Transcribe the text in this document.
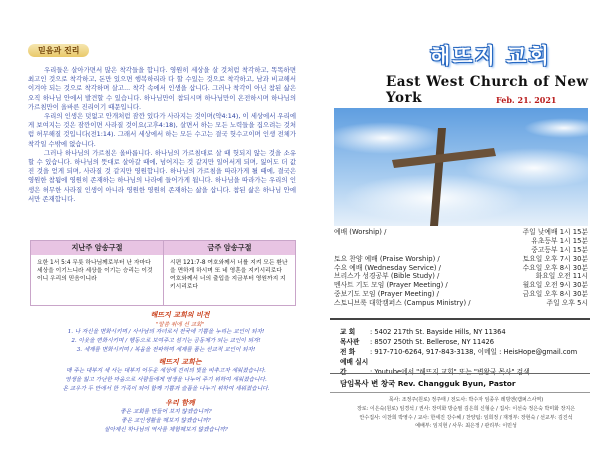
믿음과 진리

우리들은 살아가면서 많은 착각들을 합니다. 영원히 세상을 살 것처럼 착각하고, 똑똑하면 최고인 것으로 착각하고, 돈만 있으면 행복하리라 다 할 수있는 것으로 착각하고, 남과 비교해서 이겨야 되는 것으로 착각하며 살고... 착각 속에서 인생을 삽니다. 그러나 착각이 아닌 참된 삶은 오직 하나님 안에서 발견할 수 있습니다. 하나님만이 참되시며 하나님만이 온전하시며 하나님의 가르침만이 올바른 진리이기 때문입니다.

우리의 인생은 덧없고 안개처럼 잠깐 있다가 사라지는 것이며(약4:14), 이 세상에서 우리에게 보여지는 것은 잠깐이면 사라질 것이요(고후4:18), 살면서 하는 모든 노력들을 집으려는 것처럼 허무해질 것입니다(전1:14). 그래서 세상에서 하는 모든 수고는 결국 헛수고이며 인생 전체가 착각일 수밖에 없습니다.

그러나 하나님의 가르침은 올바릅니다. 하나님의 가르침대로 살 때 헛되지 않는 것을 소유할 수 있습니다. 하나님의 뜻대로 살아갈 때에, 넘어지는 것 같지만 일어서게 되며, 잃어도 더 값진 것을 얻게 되며, 사라질 것 같지만 영원합니다. 하나님의 가르침을 따라가게 될 때에, 결국은 영원한 참됨에 영원히 존재하는 하나님의 나라에 들어가게 됩니다. 하나님을 따라가는 우리의 인생은 허무한 사라질 인생이 아니라 영원한 영원히 존재하는 삶을 삽니다. 참된 삶은 하나님 안에서만 존재합니다.

지난주 암송구절
요한 1서 5:4 무릇 하나님께로부터 난 자마다 세상을 이기느니라 세상을 이기는 승리는 이것이니 우리의 믿음이니라
금주 암송구절
시편 121:7-8 여호와께서 너를 지켜 모든 환난을 면하게 하시며 또 네 영혼을 지키시리로다 여호와께서 너의 출입을 지금부터 영원까지 지키시리로다
해뜨지 교회의 비전
"말씀 위에 선 교회"
1. 나 자신을 변화시키며 / 사사남의 자녀로서 전국에 기쁨을 누리는 교인이 되자!
2. 이웃을 변화시키며 / 행동으로 보여주고 섬기는 공동체가 되는 교인이 되자!
3. 세계를 변화시키며 / 복음을 전파하며 세계를 품는 선교적 교인이 되자!
해뜨지 교회는
매 주는 대부지 새 사는 대부지 어두운 세상에 진리의 빛을 비추고자 세워졌습니다.
영생을 잃고 가난한 마음으로 사람들에게 영생을 나누어 주기 위하여 세워졌습니다.
온 교우가 두 안에서 한 가족이 되어 함께 기쁨과 슬픔을 나누기 위하여 세워졌습니다.
우리 함께
좋은 교회를 만들어 보지 않겠습니까?
좋은 교인생활을 해보지 않겠습니까?
살아계신 하나님의 역사를 체험해보지 않겠습니까?
해뜨지 교회
East West Church of New York	Feb. 21. 2021
예배 (Worship) /	주일 낮예배 1시 15분
유초등부 1시 15분
중고등부 1시 15분
토요 찬양 예배 (Praise Worship) /	토요일 오후 7시 30분
수요 예배 (Wednesday Service) /	수요일 오후 8시 30분
브리스가 성경공부 (Bible Study) /	화요일 오전 11시
멘사트 기도 모임 (Prayer Meeting) /	월요일 오전 9시 30분
중보기도 모임 (Prayer Meeting) /	금요일 오후 8시 30분
스토니브룩 대학캠퍼스 (Campus Ministry) /	주일 오후 5시
교 회 : 5402 217th St. Bayside Hills, NY 11364
목사관 : 8507 250th St. Bellerose, NY 11426
전 화 : 917-710-6264, 917-843-3138, 이메일 : HeisHope@gmail.com
예배 실시간	: Youtube에서 "해뜨지 교회" 또는 "변왕국 목사" 검색
담임목사 변 창국 Rev. Changguk Byun, Pastor
목사: 조정주(원로) 정주태 / 전도사: 박수자 임종우 레빙엔(캠퍼스사역)
장로: 이은숙(원로) 임경석 / 권사: 장미화 방순필 김은희 신형순 / 집사: 이선숙 정은숙 박미화 장지은
안수집사: 이찬희 박영수 / 교사: 한세진 강수혜 / 찬양팀: 임희정 / 재정부: 장현숙 / 선교부: 김진석
예배부: 임지현 / 사무: 최은정 / 관리부: 이민성
